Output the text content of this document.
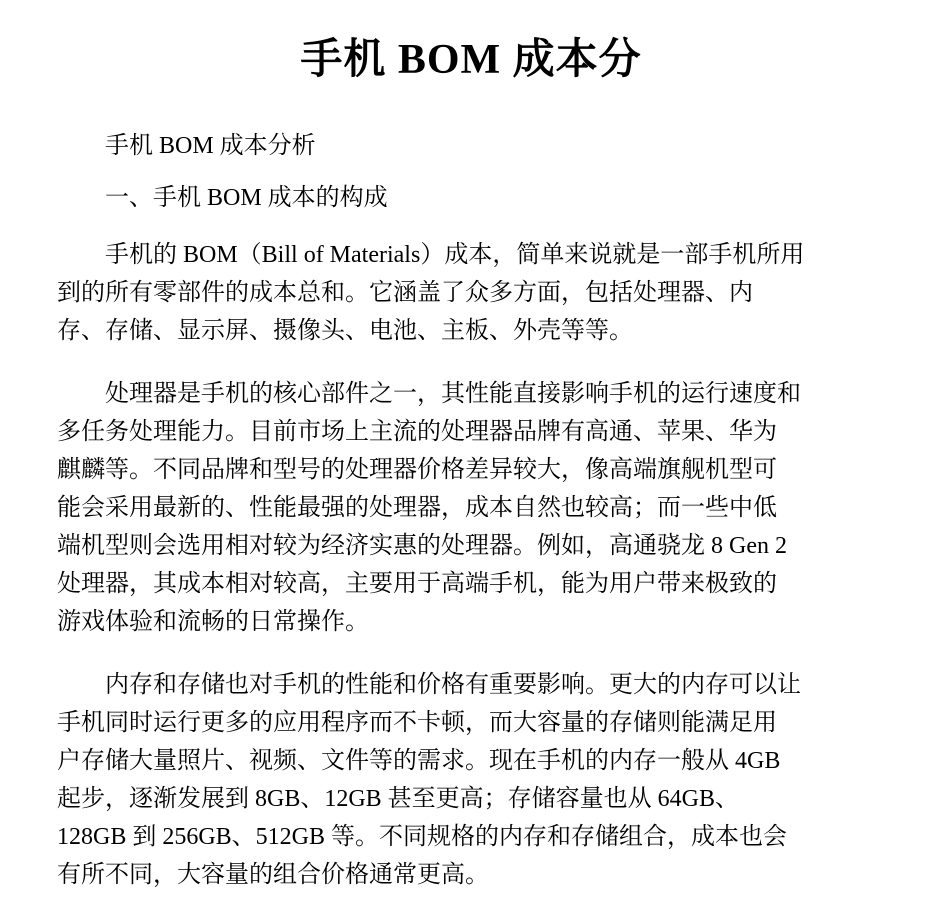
手机 BOM 成本分

手机 BOM 成本分析

一、手机 BOM 成本的构成

手机的 BOM（Bill of Materials）成本，简单来说就是一部手机所用
到的所有零部件的成本总和。它涵盖了众多方面，包括处理器、内
存、存储、显示屏、摄像头、电池、主板、外壳等等。
处理器是手机的核心部件之一，其性能直接影响手机的运行速度和
多任务处理能力。目前市场上主流的处理器品牌有高通、苹果、华为
麒麟等。不同品牌和型号的处理器价格差异较大，像高端旗舰机型可
能会采用最新的、性能最强的处理器，成本自然也较高；而一些中低
端机型则会选用相对较为经济实惠的处理器。例如，高通骁龙 8 Gen 2
处理器，其成本相对较高，主要用于高端手机，能为用户带来极致的
游戏体验和流畅的日常操作。
内存和存储也对手机的性能和价格有重要影响。更大的内存可以让
手机同时运行更多的应用程序而不卡顿，而大容量的存储则能满足用
户存储大量照片、视频、文件等的需求。现在手机的内存一般从 4GB
起步，逐渐发展到 8GB、12GB 甚至更高；存储容量也从 64GB、
128GB 到 256GB、512GB 等。不同规格的内存和存储组合，成本也会
有所不同，大容量的组合价格通常更高。
